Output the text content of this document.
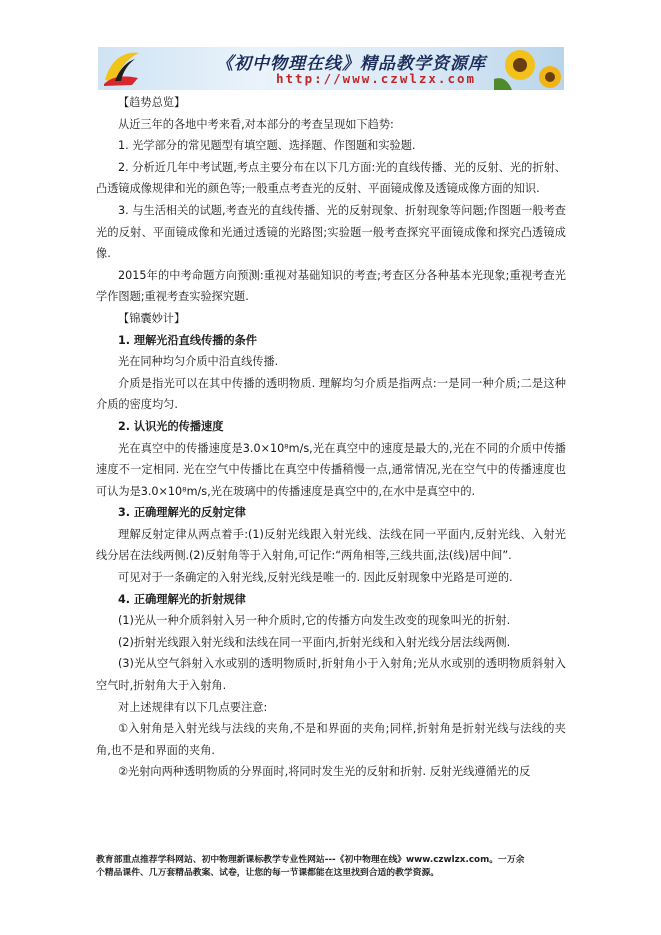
《初中物理在线》精品教学资源库
http://www.czwlzx.com

【趋势总览】

从近三年的各地中考来看,对本部分的考查呈现如下趋势:

1. 光学部分的常见题型有填空题、选择题、作图题和实验题.

2. 分析近几年中考试题,考点主要分布在以下几方面:光的直线传播、光的反射、光的折射、凸透镜成像规律和光的颜色等;一般重点考查光的反射、平面镜成像及透镜成像方面的知识.

3. 与生活相关的试题,考查光的直线传播、光的反射现象、折射现象等问题;作图题一般考查光的反射、平面镜成像和光通过透镜的光路图;实验题一般考查探究平面镜成像和探究凸透镜成像.

2015年的中考命题方向预测:重视对基础知识的考查;考查区分各种基本光现象;重视考查光学作图题;重视考查实验探究题.

【锦囊妙计】

1. 理解光沿直线传播的条件

光在同种均匀介质中沿直线传播.

介质是指光可以在其中传播的透明物质. 理解均匀介质是指两点:一是同一种介质;二是这种介质的密度均匀.

2. 认识光的传播速度

光在真空中的传播速度是3.0×10⁸m/s,光在真空中的速度是最大的,光在不同的介质中传播速度不一定相同. 光在空气中传播比在真空中传播稍慢一点,通常情况,光在空气中的传播速度也可认为是3.0×10⁸m/s,光在玻璃中的传播速度是真空中的,在水中是真空中的.

3. 正确理解光的反射定律

理解反射定律从两点着手:(1)反射光线跟入射光线、法线在同一平面内,反射光线、入射光线分居在法线两侧.(2)反射角等于入射角,可记作:“两角相等,三线共面,法(线)居中间”.

可见对于一条确定的入射光线,反射光线是唯一的. 因此反射现象中光路是可逆的.

4. 正确理解光的折射规律

(1)光从一种介质斜射入另一种介质时,它的传播方向发生改变的现象叫光的折射.

(2)折射光线跟入射光线和法线在同一平面内,折射光线和入射光线分居法线两侧.

(3)光从空气斜射入水或别的透明物质时,折射角小于入射角;光从水或别的透明物质斜射入空气时,折射角大于入射角.

对上述规律有以下几点要注意:

①入射角是入射光线与法线的夹角,不是和界面的夹角;同样,折射角是折射光线与法线的夹角,也不是和界面的夹角.

②光射向两种透明物质的分界面时,将同时发生光的反射和折射. 反射光线遵循光的反

教育部重点推荐学科网站、初中物理新课标教学专业性网站---《初中物理在线》www.czwlzx.com。一万余

个精品课件、几万套精品教案、试卷，让您的每一节课都能在这里找到合适的教学资源。
